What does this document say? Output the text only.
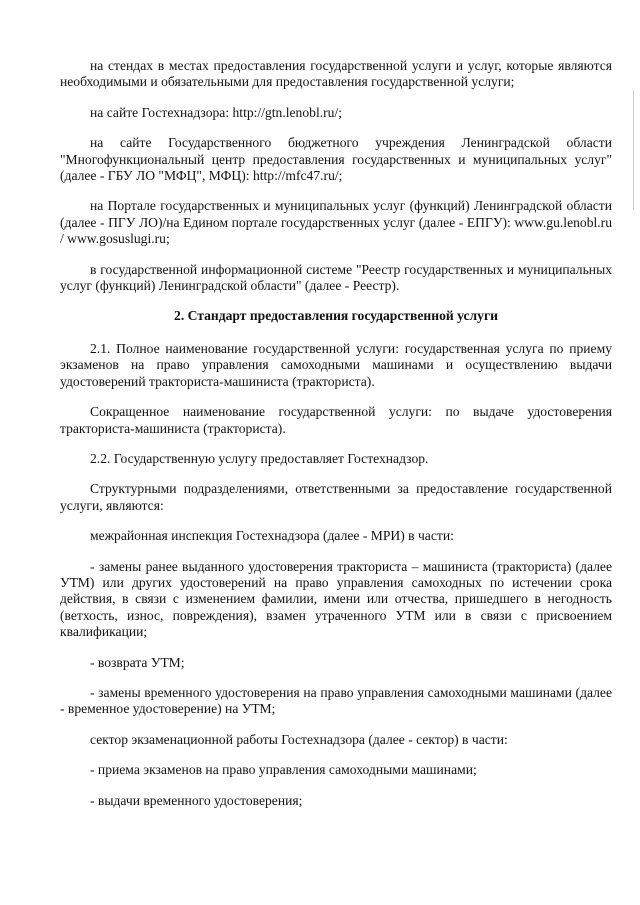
на стендах в местах предоставления государственной услуги и услуг, которые являются необходимыми и обязательными для предоставления государственной услуги;

на сайте Гостехнадзора: http://gtn.lenobl.ru/;

на сайте Государственного бюджетного учреждения Ленинградской области "Многофункциональный центр предоставления государственных и муниципальных услуг" (далее - ГБУ ЛО "МФЦ", МФЦ): http://mfc47.ru/;

на Портале государственных и муниципальных услуг (функций) Ленинградской области (далее - ПГУ ЛО)/на Едином портале государственных услуг (далее - ЕПГУ): www.gu.lenobl.ru / www.gosuslugi.ru;

в государственной информационной системе "Реестр государственных и муниципальных услуг (функций) Ленинградской области" (далее - Реестр).

2. Стандарт предоставления государственной услуги

2.1. Полное наименование государственной услуги: государственная услуга по приему экзаменов на право управления самоходными машинами и осуществлению выдачи удостоверений тракториста-машиниста (тракториста).

Сокращенное наименование государственной услуги: по выдаче удостоверения тракториста-машиниста (тракториста).

2.2. Государственную услугу предоставляет Гостехнадзор.

Структурными подразделениями, ответственными за предоставление государственной услуги, являются:

межрайонная инспекция Гостехнадзора (далее - МРИ) в части:

- замены ранее выданного удостоверения тракториста – машиниста (тракториста) (далее УТМ) или других удостоверений на право управления самоходных по истечении срока действия, в связи с изменением фамилии, имени или отчества, пришедшего в негодность (ветхость, износ, повреждения), взамен утраченного УТМ или в связи с присвоением квалификации;

- возврата УТМ;

- замены временного удостоверения на право управления самоходными машинами (далее - временное удостоверение) на УТМ;

сектор экзаменационной работы Гостехнадзора (далее - сектор) в части:

- приема экзаменов на право управления самоходными машинами;

- выдачи временного удостоверения;
